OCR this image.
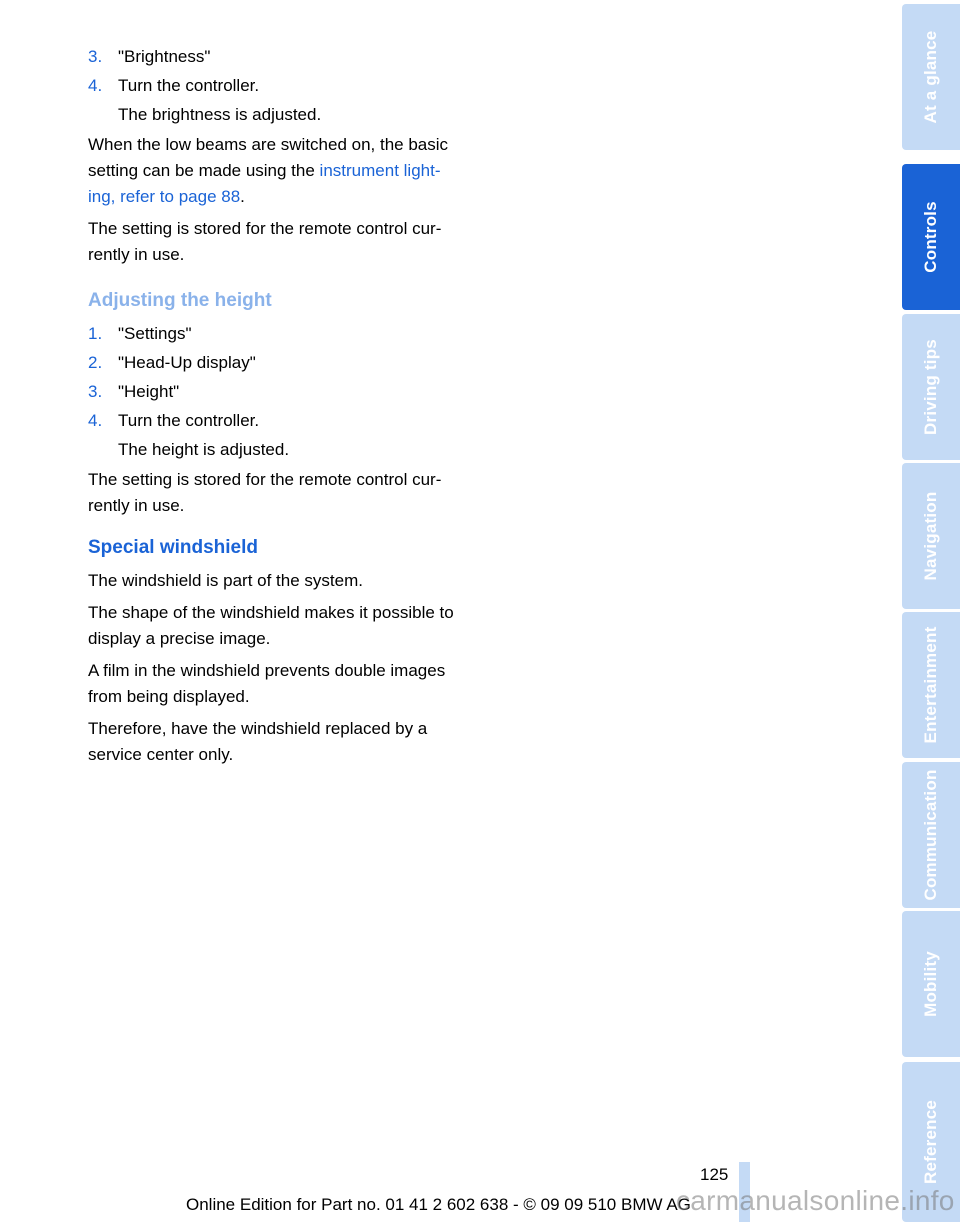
3. "Brightness"
4. Turn the controller.
The brightness is adjusted.

When the low beams are switched on, the basic setting can be made using the instrument light-ing, refer to page 88.

The setting is stored for the remote control cur-rently in use.

Adjusting the height
1. "Settings"
2. "Head-Up display"
3. "Height"
4. Turn the controller.
The height is adjusted.

The setting is stored for the remote control cur-rently in use.

Special windshield

The windshield is part of the system.

The shape of the windshield makes it possible to display a precise image.

A film in the windshield prevents double images from being displayed.

Therefore, have the windshield replaced by a service center only.

At a glance
Controls
Driving tips
Navigation
Entertainment
Communication
Mobility
Reference
125
Online Edition for Part no. 01 41 2 602 638 - © 09 09 510 BMW AG
carmanualsonline.info
